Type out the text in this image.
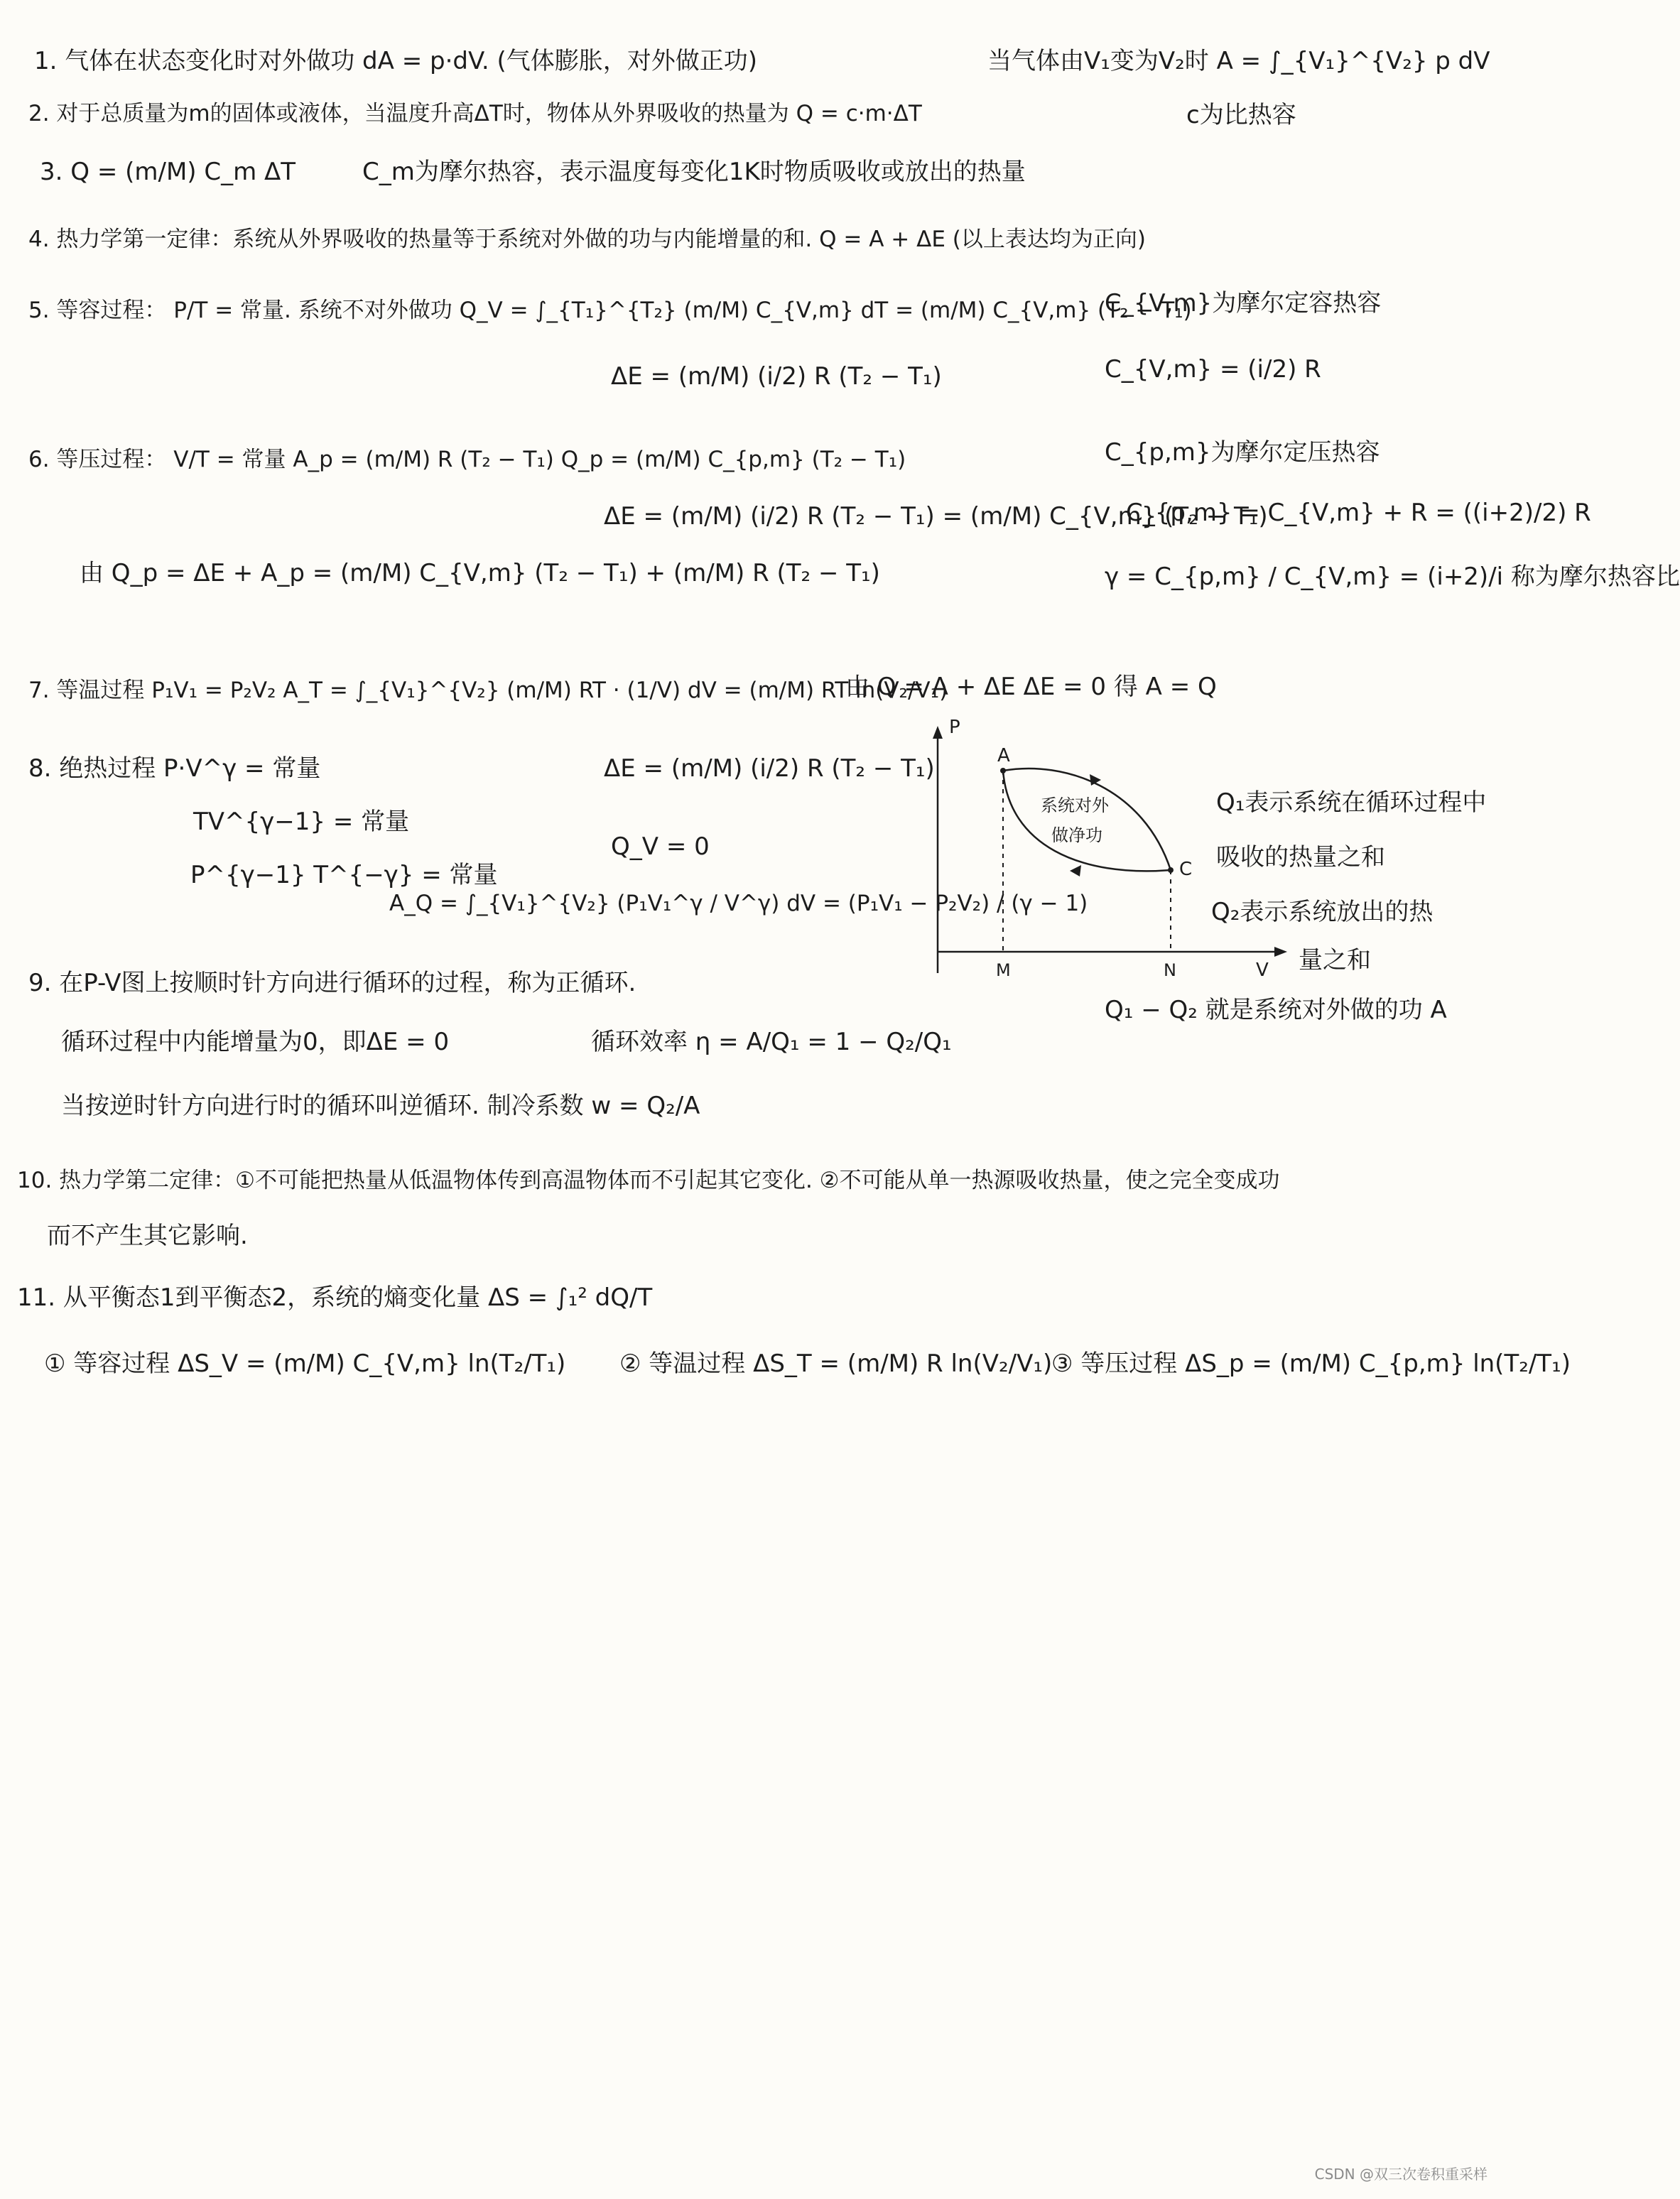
1. 气体在状态变化时对外做功 dA = p·dV. (气体膨胀，对外做正功)	当气体由V₁变为V₂时 A = ∫_{V₁}^{V₂} p dV
2. 对于总质量为m的固体或液体，当温度升高ΔT时，物体从外界吸收的热量为 Q = c·m·ΔT	c为比热容
3. Q = (m/M) C_m ΔT	C_m为摩尔热容，表示温度每变化1K时物质吸收或放出的热量
4. 热力学第一定律：系统从外界吸收的热量等于系统对外做的功与内能增量的和. Q = A + ΔE (以上表达均为正向)
5. 等容过程： P/T = 常量. 系统不对外做功 Q_V = ∫_{T₁}^{T₂} (m/M) C_{V,m} dT = (m/M) C_{V,m} (T₂ − T₁)
C_{V,m}为摩尔定容热容
ΔE = (m/M) (i/2) R (T₂ − T₁)	C_{V,m} = (i/2) R
6. 等压过程： V/T = 常量 A_p = (m/M) R (T₂ − T₁) Q_p = (m/M) C_{p,m} (T₂ − T₁)	C_{p,m}为摩尔定压热容
ΔE = (m/M) (i/2) R (T₂ − T₁) = (m/M) C_{V,m} (T₂ − T₁)
C_{p,m} = C_{V,m} + R = ((i+2)/2) R
由 Q_p = ΔE + A_p = (m/M) C_{V,m} (T₂ − T₁) + (m/M) R (T₂ − T₁)	γ = C_{p,m} / C_{V,m} = (i+2)/i 称为摩尔热容比
7. 等温过程 P₁V₁ = P₂V₂ A_T = ∫_{V₁}^{V₂} (m/M) RT · (1/V) dV = (m/M) RT ln(V₂/V₁)
由 Q = A + ΔE ΔE = 0 得 A = Q
8. 绝热过程 P·V^γ = 常量
TV^{γ−1} = 常量
P^{γ−1} T^{−γ} = 常量
ΔE = (m/M) (i/2) R (T₂ − T₁)
Q_V = 0
A_Q = ∫_{V₁}^{V₂} (P₁V₁^γ / V^γ) dV = (P₁V₁ − P₂V₂) / (γ − 1)
P
V
A
C
M	N
系统对外
做净功
Q₁表示系统在循环过程中
吸收的热量之和
Q₂表示系统放出的热
量之和
Q₁ − Q₂ 就是系统对外做的功 A
9. 在P-V图上按顺时针方向进行循环的过程，称为正循环.
循环过程中内能增量为0，即ΔE = 0	循环效率 η = A/Q₁ = 1 − Q₂/Q₁
当按逆时针方向进行时的循环叫逆循环. 制冷系数 w = Q₂/A
10. 热力学第二定律：①不可能把热量从低温物体传到高温物体而不引起其它变化. ②不可能从单一热源吸收热量，使之完全变成功
而不产生其它影响.
11. 从平衡态1到平衡态2，系统的熵变化量 ΔS = ∫₁² dQ/T
① 等容过程 ΔS_V = (m/M) C_{V,m} ln(T₂/T₁) ② 等温过程 ΔS_T = (m/M) R ln(V₂/V₁)
③ 等压过程 ΔS_p = (m/M) C_{p,m} ln(T₂/T₁)
CSDN @双三次卷积重采样
